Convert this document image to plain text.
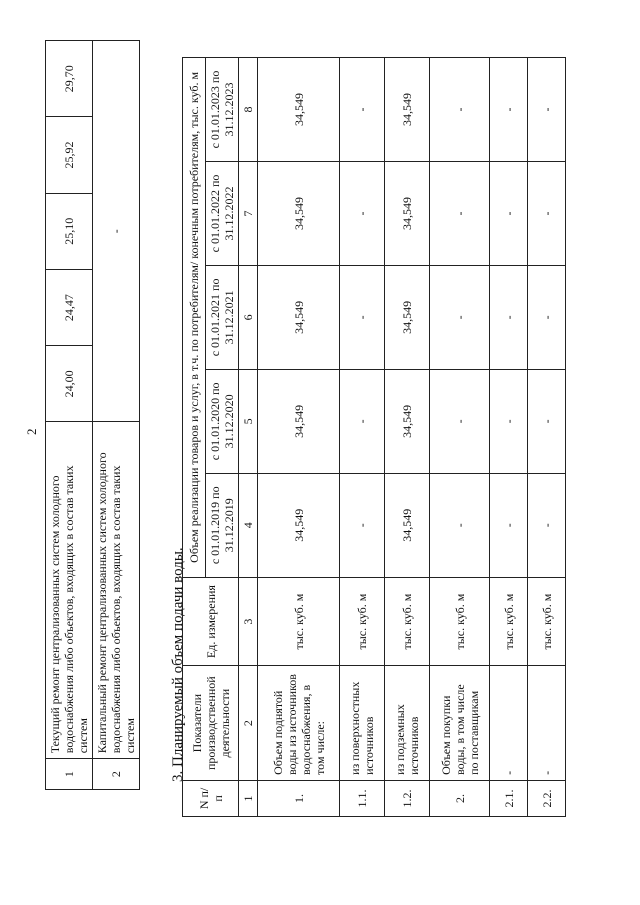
2
1	Текущий ремонт централизованных систем холодного водоснабжения либо объектов, входящих в состав таких систем	24,00	24,47	25,10	25,92	29,70
2	Капитальный ремонт централизованных систем холодного водоснабжения либо объектов, входящих в состав таких систем	-				
3. Планируемый объем подачи воды.
N п/п	Показатели производственной деятельности	Ед. измерения	Объем реализации товаров и услуг, в т.ч. по потребителям/ конечным потребителям, тыс. куб. м				
			с 01.01.2019 по 31.12.2019	с 01.01.2020 по 31.12.2020	с 01.01.2021 по 31.12.2021	с 01.01.2022 по 31.12.2022	с 01.01.2023 по 31.12.2023
1	2	3	4	5	6	7	8
1.	Объем поднятой воды из источников водоснабжения, в том числе:	тыс. куб. м	34,549	34,549	34,549	34,549	34,549
1.1.	из поверхностных источников	тыс. куб. м	-	-	-	-	-
1.2.	из подземных источников	тыс. куб. м	34,549	34,549	34,549	34,549	34,549
2.	Объем покупки воды, в том числе по поставщикам	тыс. куб. м	-	-	-	-	-
2.1.	-	тыс. куб. м	-	-	-	-	-
2.2.	-	тыс. куб. м	-	-	-	-	-
